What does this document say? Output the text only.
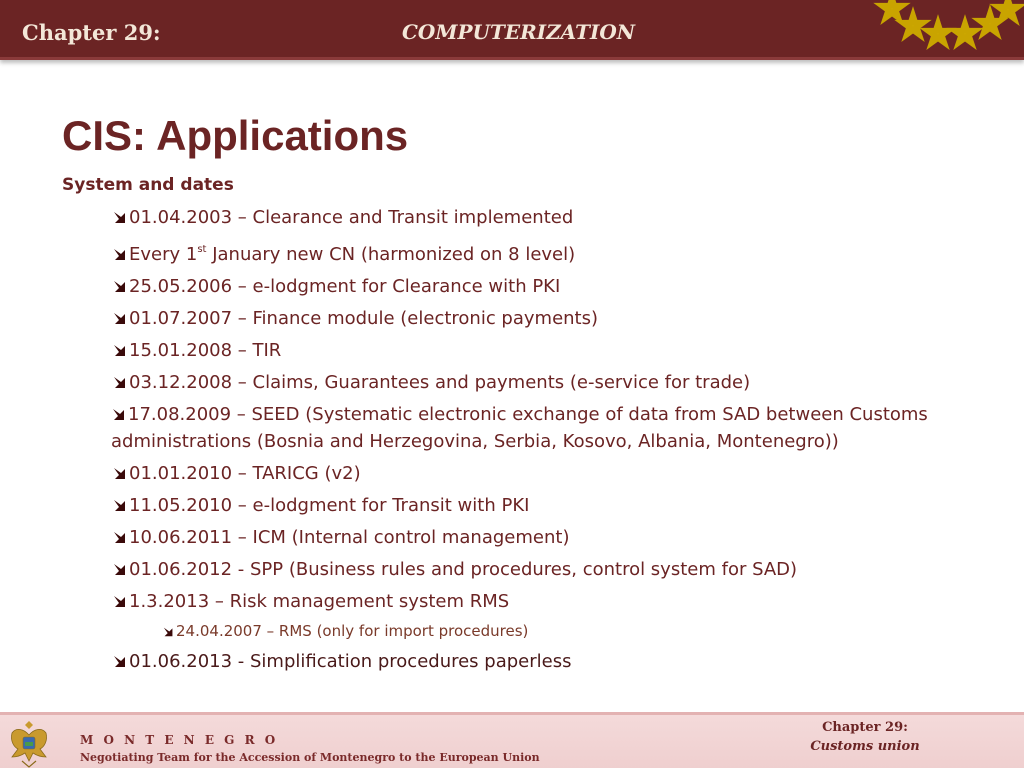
Chapter 29:	COMPUTERIZATION
CIS: Applications
System and dates
01.04.2003 – Clearance and Transit implemented
Every 1st January new CN (harmonized on 8 level)
25.05.2006 – e-lodgment for Clearance with PKI
01.07.2007 – Finance module (electronic payments)
15.01.2008 – TIR
03.12.2008 – Claims, Guarantees and payments (e-service for trade)
17.08.2009 – SEED (Systematic electronic exchange of data from SAD between Customs administrations (Bosnia and Herzegovina, Serbia, Kosovo, Albania, Montenegro))
01.01.2010 – TARICG (v2)
11.05.2010 – e-lodgment for Transit with PKI
10.06.2011 – ICM (Internal control management)
01.06.2012 - SPP (Business rules and procedures, control system for SAD)
1.3.2013 – Risk management system RMS
24.04.2007 – RMS (only for import procedures)
01.06.2013 - Simplification procedures paperless
M O N T E N E G R O
Negotiating Team for the Accession of Montenegro to the European Union
Chapter 29:
Customs union
